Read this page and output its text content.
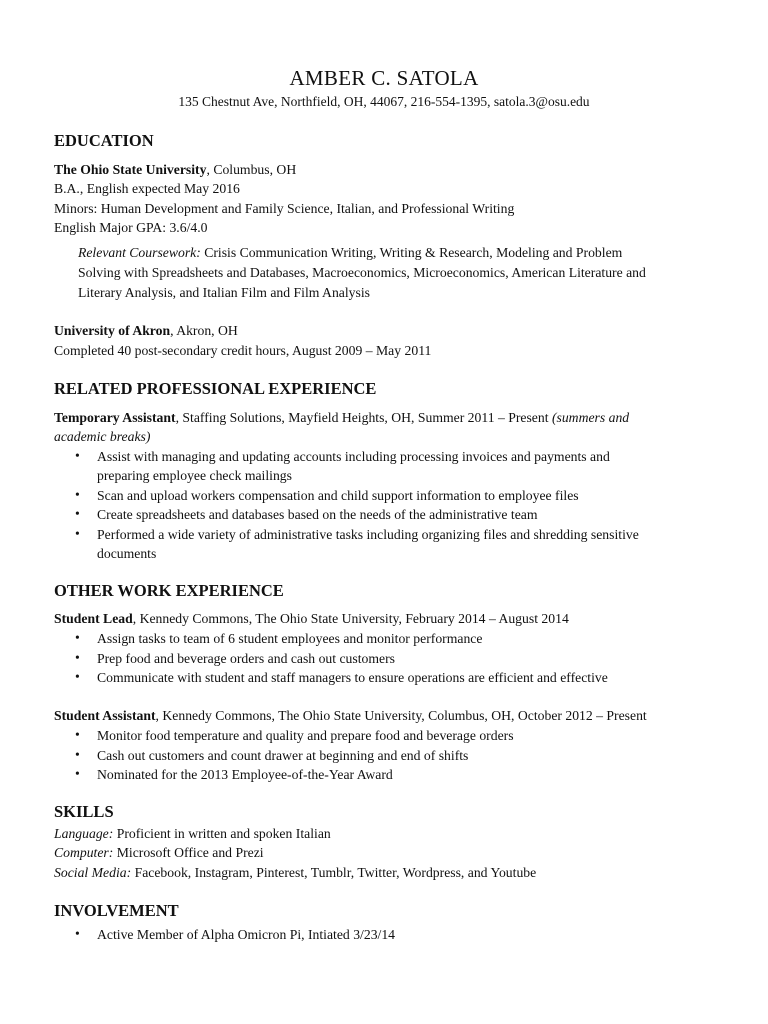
AMBER C. SATOLA
135 Chestnut Ave, Northfield, OH, 44067, 216-554-1395, satola.3@osu.edu
EDUCATION
The Ohio State University, Columbus, OH
B.A., English expected May 2016
Minors: Human Development and Family Science, Italian, and Professional Writing
English Major GPA: 3.6/4.0
Relevant Coursework: Crisis Communication Writing, Writing & Research, Modeling and Problem
Solving with Spreadsheets and Databases, Macroeconomics, Microeconomics, American Literature and
Literary Analysis, and Italian Film and Film Analysis
University of Akron, Akron, OH
Completed 40 post-secondary credit hours, August 2009 – May 2011
RELATED PROFESSIONAL EXPERIENCE
Temporary Assistant, Staffing Solutions, Mayfield Heights, OH, Summer 2011 – Present (summers and
academic breaks)
• Assist with managing and updating accounts including processing invoices and payments and
preparing employee check mailings
• Scan and upload workers compensation and child support information to employee files
• Create spreadsheets and databases based on the needs of the administrative team
• Performed a wide variety of administrative tasks including organizing files and shredding sensitive
documents
OTHER WORK EXPERIENCE
Student Lead, Kennedy Commons, The Ohio State University, February 2014 – August 2014
• Assign tasks to team of 6 student employees and monitor performance
• Prep food and beverage orders and cash out customers
• Communicate with student and staff managers to ensure operations are efficient and effective
Student Assistant, Kennedy Commons, The Ohio State University, Columbus, OH, October 2012 – Present
• Monitor food temperature and quality and prepare food and beverage orders
• Cash out customers and count drawer at beginning and end of shifts
• Nominated for the 2013 Employee-of-the-Year Award
SKILLS
Language: Proficient in written and spoken Italian
Computer: Microsoft Office and Prezi
Social Media: Facebook, Instagram, Pinterest, Tumblr, Twitter, Wordpress, and Youtube
INVOLVEMENT
• Active Member of Alpha Omicron Pi, Intiated 3/23/14
